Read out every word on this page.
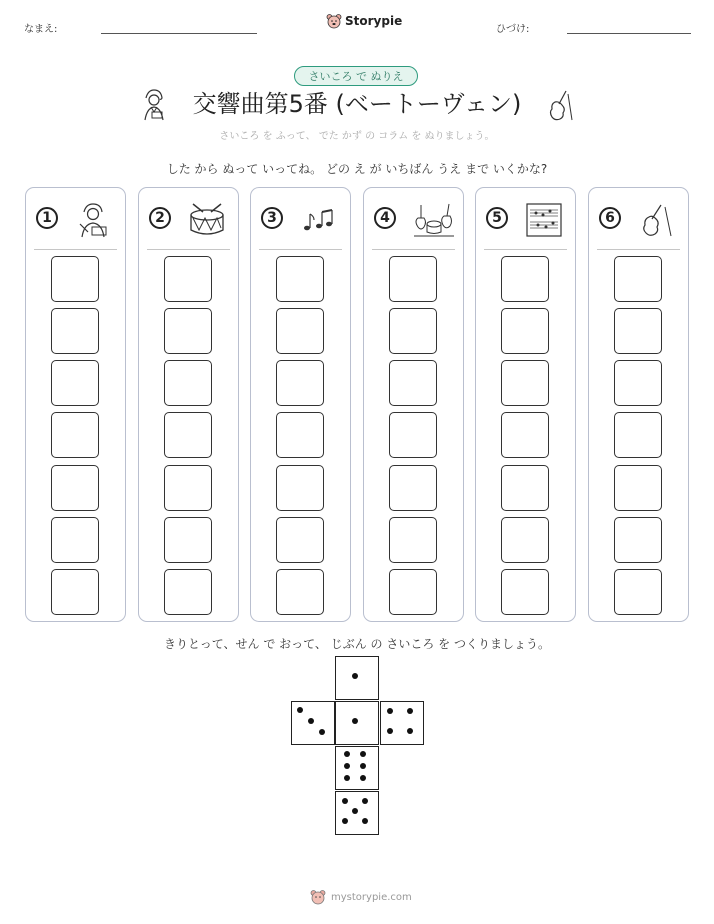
なまえ:
Storypie
ひづけ:
さいころ で ぬりえ
交響曲第5番 (ベートーヴェン)
さいころ を ふって、 でた かず の コラム を ぬりましょう。
した から ぬって いってね。 どの え が いちばん うえ まで いくかな?
1	2	3	4	5	6
きりとって、せん で おって、 じぶん の さいころ を つくりましょう。
mystorypie.com
